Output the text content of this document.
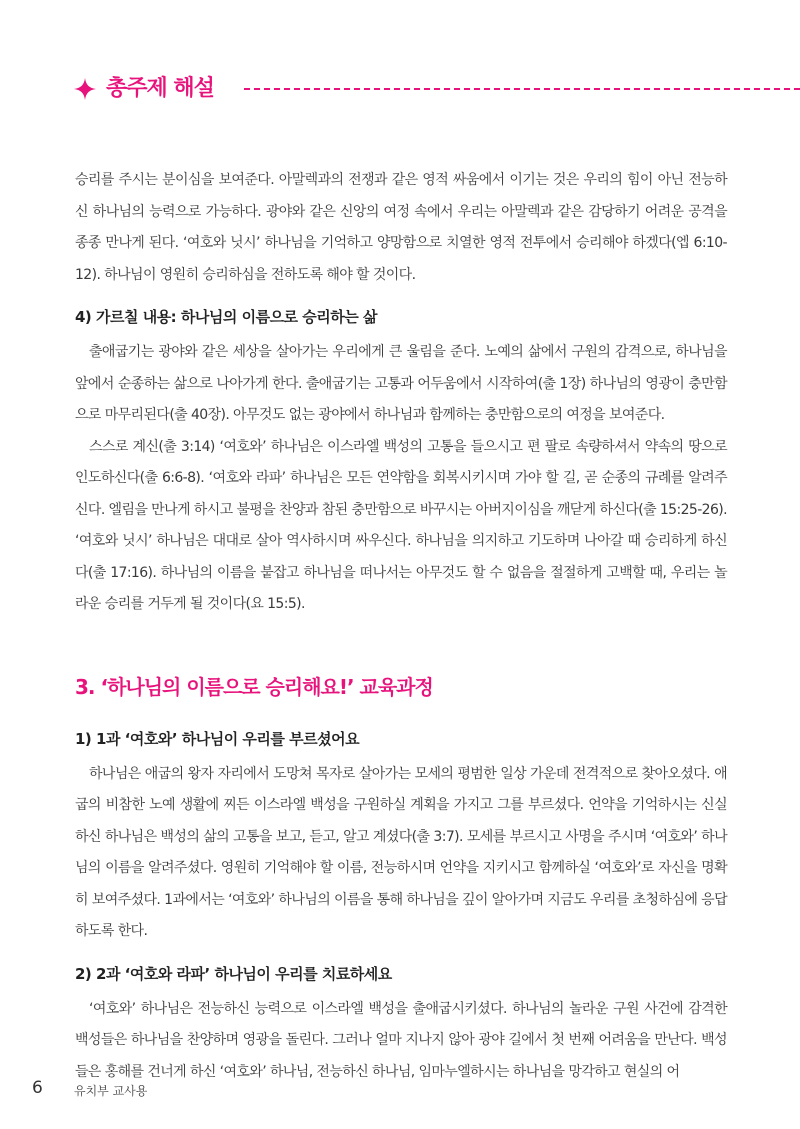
총주제 해설

승리를 주시는 분이심을 보여준다. 아말렉과의 전쟁과 같은 영적 싸움에서 이기는 것은 우리의 힘이 아닌 전능하신 하나님의 능력으로 가능하다. 광야와 같은 신앙의 여정 속에서 우리는 아말렉과 같은 감당하기 어려운 공격을 종종 만나게 된다. ‘여호와 닛시’ 하나님을 기억하고 양망함으로 치열한 영적 전투에서 승리해야 하겠다(엡 6:10-12). 하나님이 영원히 승리하심을 전하도록 해야 할 것이다.

4) 가르칠 내용: 하나님의 이름으로 승리하는 삶

출애굽기는 광야와 같은 세상을 살아가는 우리에게 큰 울림을 준다. 노예의 삶에서 구원의 감격으로, 하나님을 앞에서 순종하는 삶으로 나아가게 한다. 출애굽기는 고통과 어두움에서 시작하여(출 1장) 하나님의 영광이 충만함으로 마무리된다(출 40장). 아무것도 없는 광야에서 하나님과 함께하는 충만함으로의 여정을 보여준다.

스스로 계신(출 3:14) ‘여호와’ 하나님은 이스라엘 백성의 고통을 들으시고 편 팔로 속량하셔서 약속의 땅으로 인도하신다(출 6:6-8). ‘여호와 라파’ 하나님은 모든 연약함을 회복시키시며 가야 할 길, 곧 순종의 규례를 알려주신다. 엘림을 만나게 하시고 불평을 찬양과 참된 충만함으로 바꾸시는 아버지이심을 깨닫게 하신다(출 15:25-26). ‘여호와 닛시’ 하나님은 대대로 살아 역사하시며 싸우신다. 하나님을 의지하고 기도하며 나아갈 때 승리하게 하신다(출 17:16). 하나님의 이름을 붙잡고 하나님을 떠나서는 아무것도 할 수 없음을 절절하게 고백할 때, 우리는 놀라운 승리를 거두게 될 것이다(요 15:5).

3. ‘하나님의 이름으로 승리해요!’ 교육과정
1) 1과 ‘여호와’ 하나님이 우리를 부르셨어요

하나님은 애굽의 왕자 자리에서 도망쳐 목자로 살아가는 모세의 평범한 일상 가운데 전격적으로 찾아오셨다. 애굽의 비참한 노예 생활에 찌든 이스라엘 백성을 구원하실 계획을 가지고 그를 부르셨다. 언약을 기억하시는 신실하신 하나님은 백성의 삶의 고통을 보고, 듣고, 알고 계셨다(출 3:7). 모세를 부르시고 사명을 주시며 ‘여호와’ 하나님의 이름을 알려주셨다. 영원히 기억해야 할 이름, 전능하시며 언약을 지키시고 함께하실 ‘여호와’로 자신을 명확히 보여주셨다. 1과에서는 ‘여호와’ 하나님의 이름을 통해 하나님을 깊이 알아가며 지금도 우리를 초청하심에 응답하도록 한다.

2) 2과 ‘여호와 라파’ 하나님이 우리를 치료하세요

‘여호와’ 하나님은 전능하신 능력으로 이스라엘 백성을 출애굽시키셨다. 하나님의 놀라운 구원 사건에 감격한 백성들은 하나님을 찬양하며 영광을 돌린다. 그러나 얼마 지나지 않아 광야 길에서 첫 번째 어려움을 만난다. 백성들은 홍해를 건너게 하신 ‘여호와’ 하나님, 전능하신 하나님, 임마누엘하시는 하나님을 망각하고 현실의 어

6	유치부 교사용
